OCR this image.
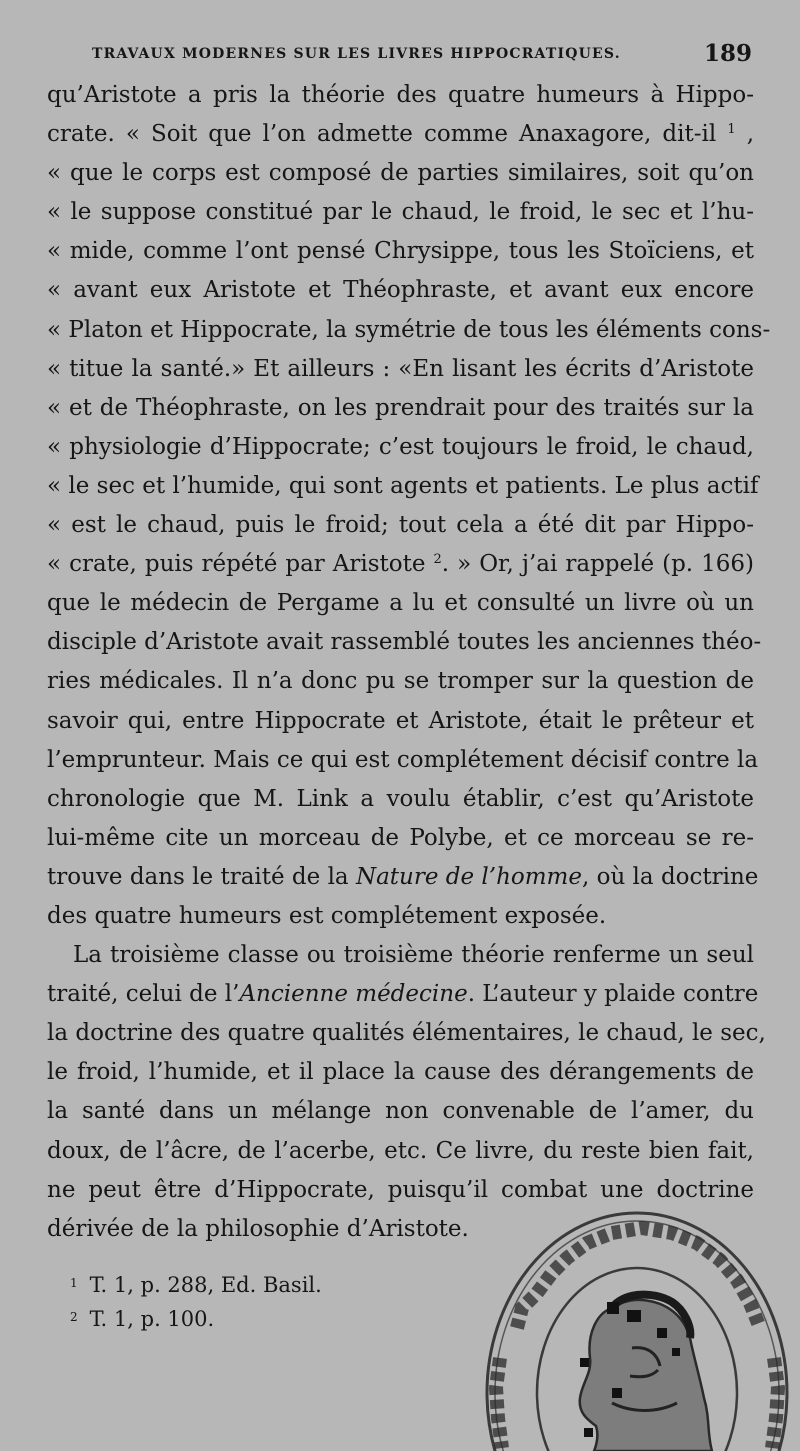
TRAVAUX MODERNES SUR LES LIVRES HIPPOCRATIQUES.	189
qu’Aristote a pris la théorie des quatre humeurs à Hippo-
crate. « Soit que l’on admette comme Anaxagore, dit-il $^1$ ,
« que le corps est composé de parties similaires, soit qu’on
« le suppose constitué par le chaud, le froid, le sec et l’hu-
« mide, comme l’ont pensé Chrysippe, tous les Stoïciens, et
« avant eux Aristote et Théophraste, et avant eux encore
« Platon et Hippocrate, la symétrie de tous les éléments cons-
« titue la santé.» Et ailleurs : «En lisant les écrits d’Aristote
« et de Théophraste, on les prendrait pour des traités sur la
« physiologie d’Hippocrate; c’est toujours le froid, le chaud,
« le sec et l’humide, qui sont agents et patients. Le plus actif
« est le chaud, puis le froid; tout cela a été dit par Hippo-
« crate, puis répété par Aristote $^2$. » Or, j’ai rappelé (p. 166)
que le médecin de Pergame a lu et consulté un livre où un
disciple d’Aristote avait rassemblé toutes les anciennes théo-
ries médicales. Il n’a donc pu se tromper sur la question de
savoir qui, entre Hippocrate et Aristote, était le prêteur et
l’emprunteur. Mais ce qui est complétement décisif contre la
chronologie que M. Link a voulu établir, c’est qu’Aristote
lui-même cite un morceau de Polybe, et ce morceau se re-
trouve dans le traité de la Nature de l’homme, où la doctrine
des quatre humeurs est complétement exposée.
La troisième classe ou troisième théorie renferme un seul
traité, celui de l’Ancienne médecine. L’auteur y plaide contre
la doctrine des quatre qualités élémentaires, le chaud, le sec,
le froid, l’humide, et il place la cause des dérangements de
la santé dans un mélange non convenable de l’amer, du
doux, de l’âcre, de l’acerbe, etc. Ce livre, du reste bien fait,
ne peut être d’Hippocrate, puisqu’il combat une doctrine
dérivée de la philosophie d’Aristote.
$^1$ T. 1, p. 288, Ed. Basil.
$^2$ T. 1, p. 100.
